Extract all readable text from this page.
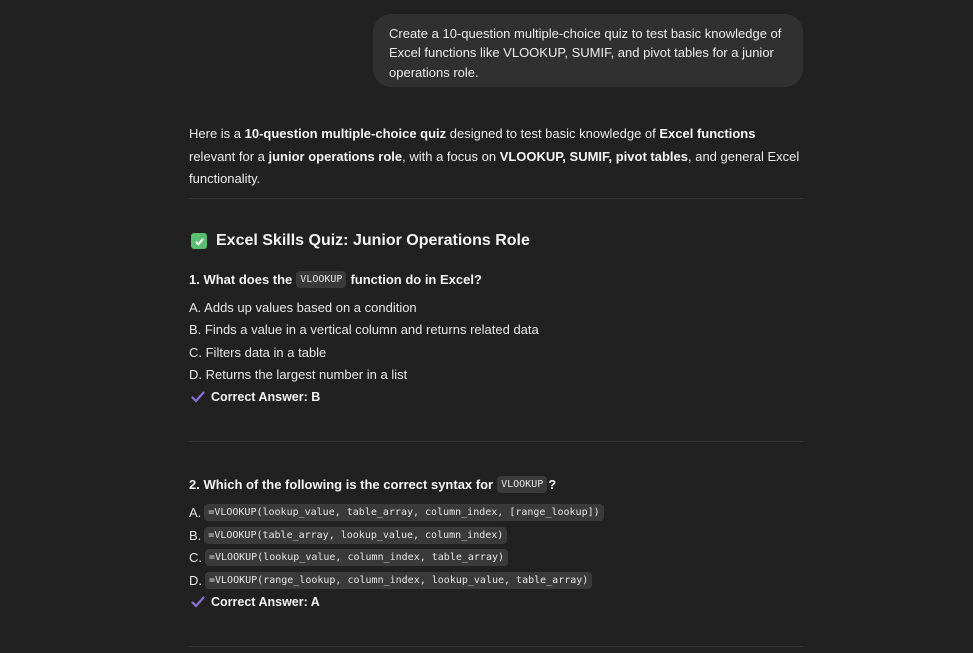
Create a 10-question multiple-choice quiz to test basic knowledge of
Excel functions like VLOOKUP, SUMIF, and pivot tables for a junior
operations role.
Here is a 10-question multiple-choice quiz designed to test basic knowledge of Excel functions relevant for a junior operations role, with a focus on VLOOKUP, SUMIF, pivot tables, and general Excel functionality.
Excel Skills Quiz: Junior Operations Role
1. What does the VLOOKUP function do in Excel?
A. Adds up values based on a condition
B. Finds a value in a vertical column and returns related data
C. Filters data in a table
D. Returns the largest number in a list
Correct Answer: B
2. Which of the following is the correct syntax for VLOOKUP ?
A. =VLOOKUP(lookup_value, table_array, column_index, [range_lookup])
B. =VLOOKUP(table_array, lookup_value, column_index)
C. =VLOOKUP(lookup_value, column_index, table_array)
D. =VLOOKUP(range_lookup, column_index, lookup_value, table_array)
Correct Answer: A
